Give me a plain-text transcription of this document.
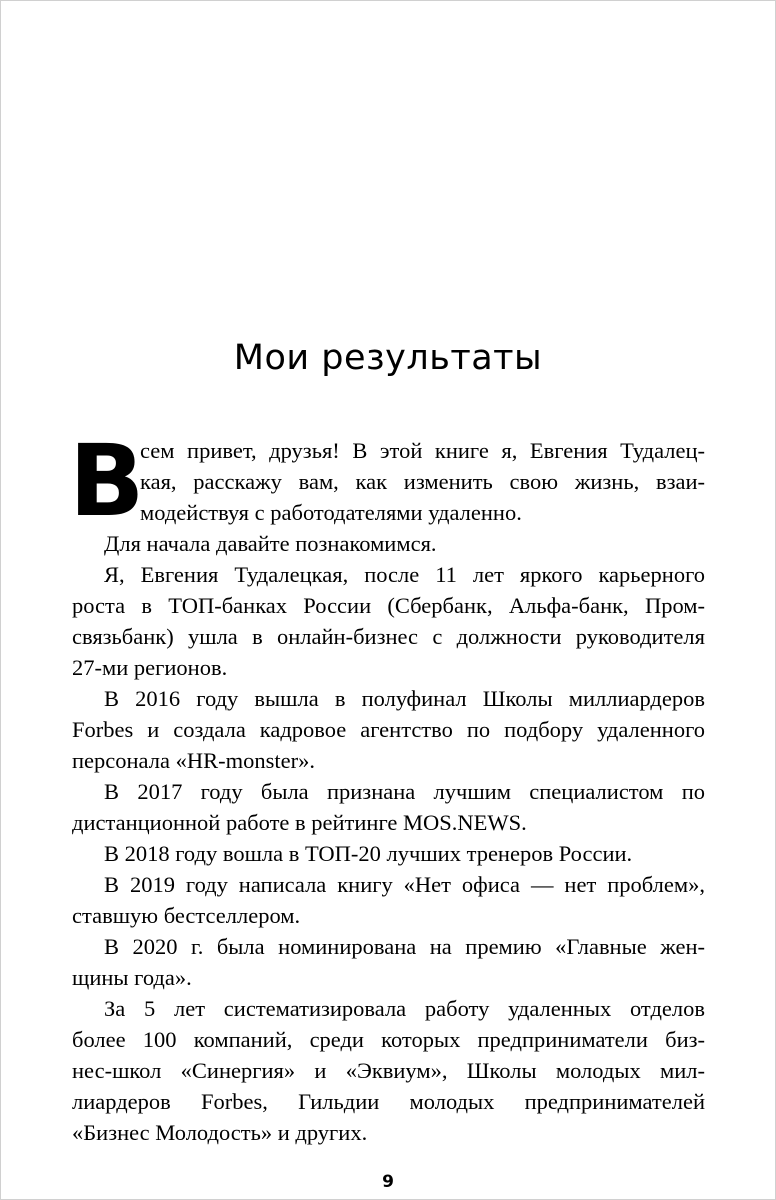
Мои результаты
В
сем привет, друзья! В этой книге я, Евгения Тудалец-
кая, расскажу вам, как изменить свою жизнь, взаи-
модействуя с работодателями удаленно.
Для начала давайте познакомимся.
Я, Евгения Тудалецкая, после 11 лет яркого карьерного
роста в ТОП-банках России (Сбербанк, Альфа-банк, Пром-
связьбанк) ушла в онлайн-бизнес с должности руководителя
27-ми регионов.
В 2016 году вышла в полуфинал Школы миллиардеров
Forbes и создала кадровое агентство по подбору удаленного
персонала «HR-monster».
В 2017 году была признана лучшим специалистом по
дистанционной работе в рейтинге MOS.NEWS.
В 2018 году вошла в ТОП-20 лучших тренеров России.
В 2019 году написала книгу «Нет офиса — нет проблем»,
ставшую бестселлером.
В 2020 г. была номинирована на премию «Главные жен-
щины года».
За 5 лет систематизировала работу удаленных отделов
более 100 компаний, среди которых предприниматели биз-
нес-школ «Синергия» и «Эквиум», Школы молодых мил-
лиардеров Forbes, Гильдии молодых предпринимателей
«Бизнес Молодость» и других.
9
